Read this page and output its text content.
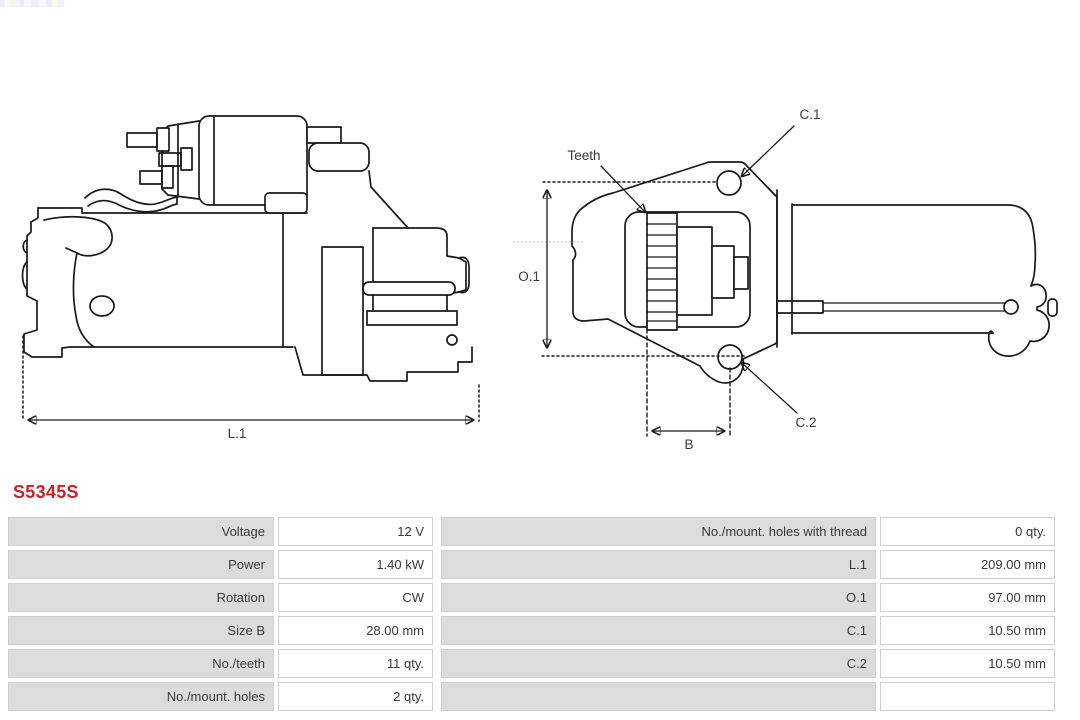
L.1
O.1
Teeth
C.1
C.2
B
S5345S
Voltage	12 V
Power	1.40 kW
Rotation	CW
Size B	28.00 mm
No./teeth	11 qty.
No./mount. holes	2 qty.
No./mount. holes with thread	0 qty.
L.1	209.00 mm
O.1	97.00 mm
C.1	10.50 mm
C.2	10.50 mm
